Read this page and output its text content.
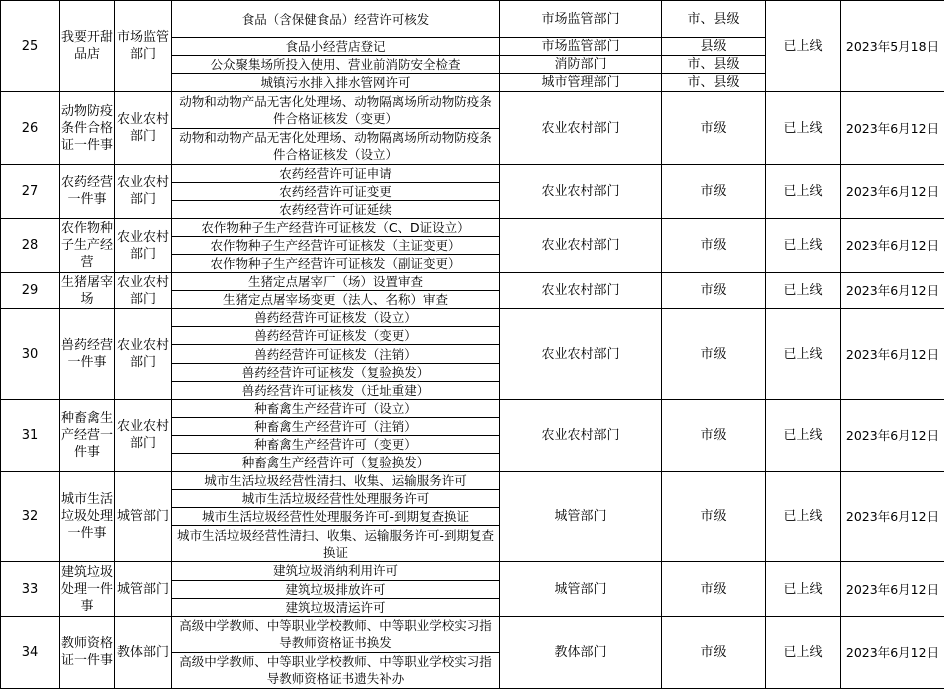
25	我要开甜品店	市场监管部门	食品（含保健食品）经营许可核发	市场监管部门	市、县级	已上线	2023年5月18日
			食品小经营店登记	市场监管部门	县级		
			公众聚集场所投入使用、营业前消防安全检查	消防部门	市、县级		
			城镇污水排入排水管网许可	城市管理部门	市、县级		
26	动物防疫条件合格证一件事	农业农村部门	动物和动物产品无害化处理场、动物隔离场所动物防疫条件合格证核发（变更）	农业农村部门	市级	已上线	2023年6月12日
			动物和动物产品无害化处理场、动物隔离场所动物防疫条件合格证核发（设立）				
27	农药经营一件事	农业农村部门	农药经营许可证申请	农业农村部门	市级	已上线	2023年6月12日
			农药经营许可证变更				
			农药经营许可证延续				
28	农作物种子生产经营	农业农村部门	农作物种子生产经营许可证核发（C、D证设立）	农业农村部门	市级	已上线	2023年6月12日
			农作物种子生产经营许可证核发（主证变更）				
			农作物种子生产经营许可证核发（副证变更）				
29	生猪屠宰场	农业农村部门	生猪定点屠宰厂（场）设置审查	农业农村部门	市级	已上线	2023年6月12日
			生猪定点屠宰场变更（法人、名称）审查				
30	兽药经营一件事	农业农村部门	兽药经营许可证核发（设立）	农业农村部门	市级	已上线	2023年6月12日
			兽药经营许可证核发（变更）				
			兽药经营许可证核发（注销）				
			兽药经营许可证核发（复验换发）				
			兽药经营许可证核发（迁址重建）				
31	种畜禽生产经营一件事	农业农村部门	种畜禽生产经营许可（设立）	农业农村部门	市级	已上线	2023年6月12日
			种畜禽生产经营许可（注销）				
			种畜禽生产经营许可（变更）				
			种畜禽生产经营许可（复验换发）				
32	城市生活垃圾处理一件事	城管部门	城市生活垃圾经营性清扫、收集、运输服务许可	城管部门	市级	已上线	2023年6月12日
			城市生活垃圾经营性处理服务许可				
			城市生活垃圾经营性处理服务许可-到期复查换证				
			城市生活垃圾经营性清扫、收集、运输服务许可-到期复查换证				
33	建筑垃圾处理一件事	城管部门	建筑垃圾消纳利用许可	城管部门	市级	已上线	2023年6月12日
			建筑垃圾排放许可				
			建筑垃圾清运许可				
34	教师资格证一件事	教体部门	高级中学教师、中等职业学校教师、中等职业学校实习指导教师资格证书换发	教体部门	市级	已上线	2023年6月12日
			高级中学教师、中等职业学校教师、中等职业学校实习指导教师资格证书遗失补办				
